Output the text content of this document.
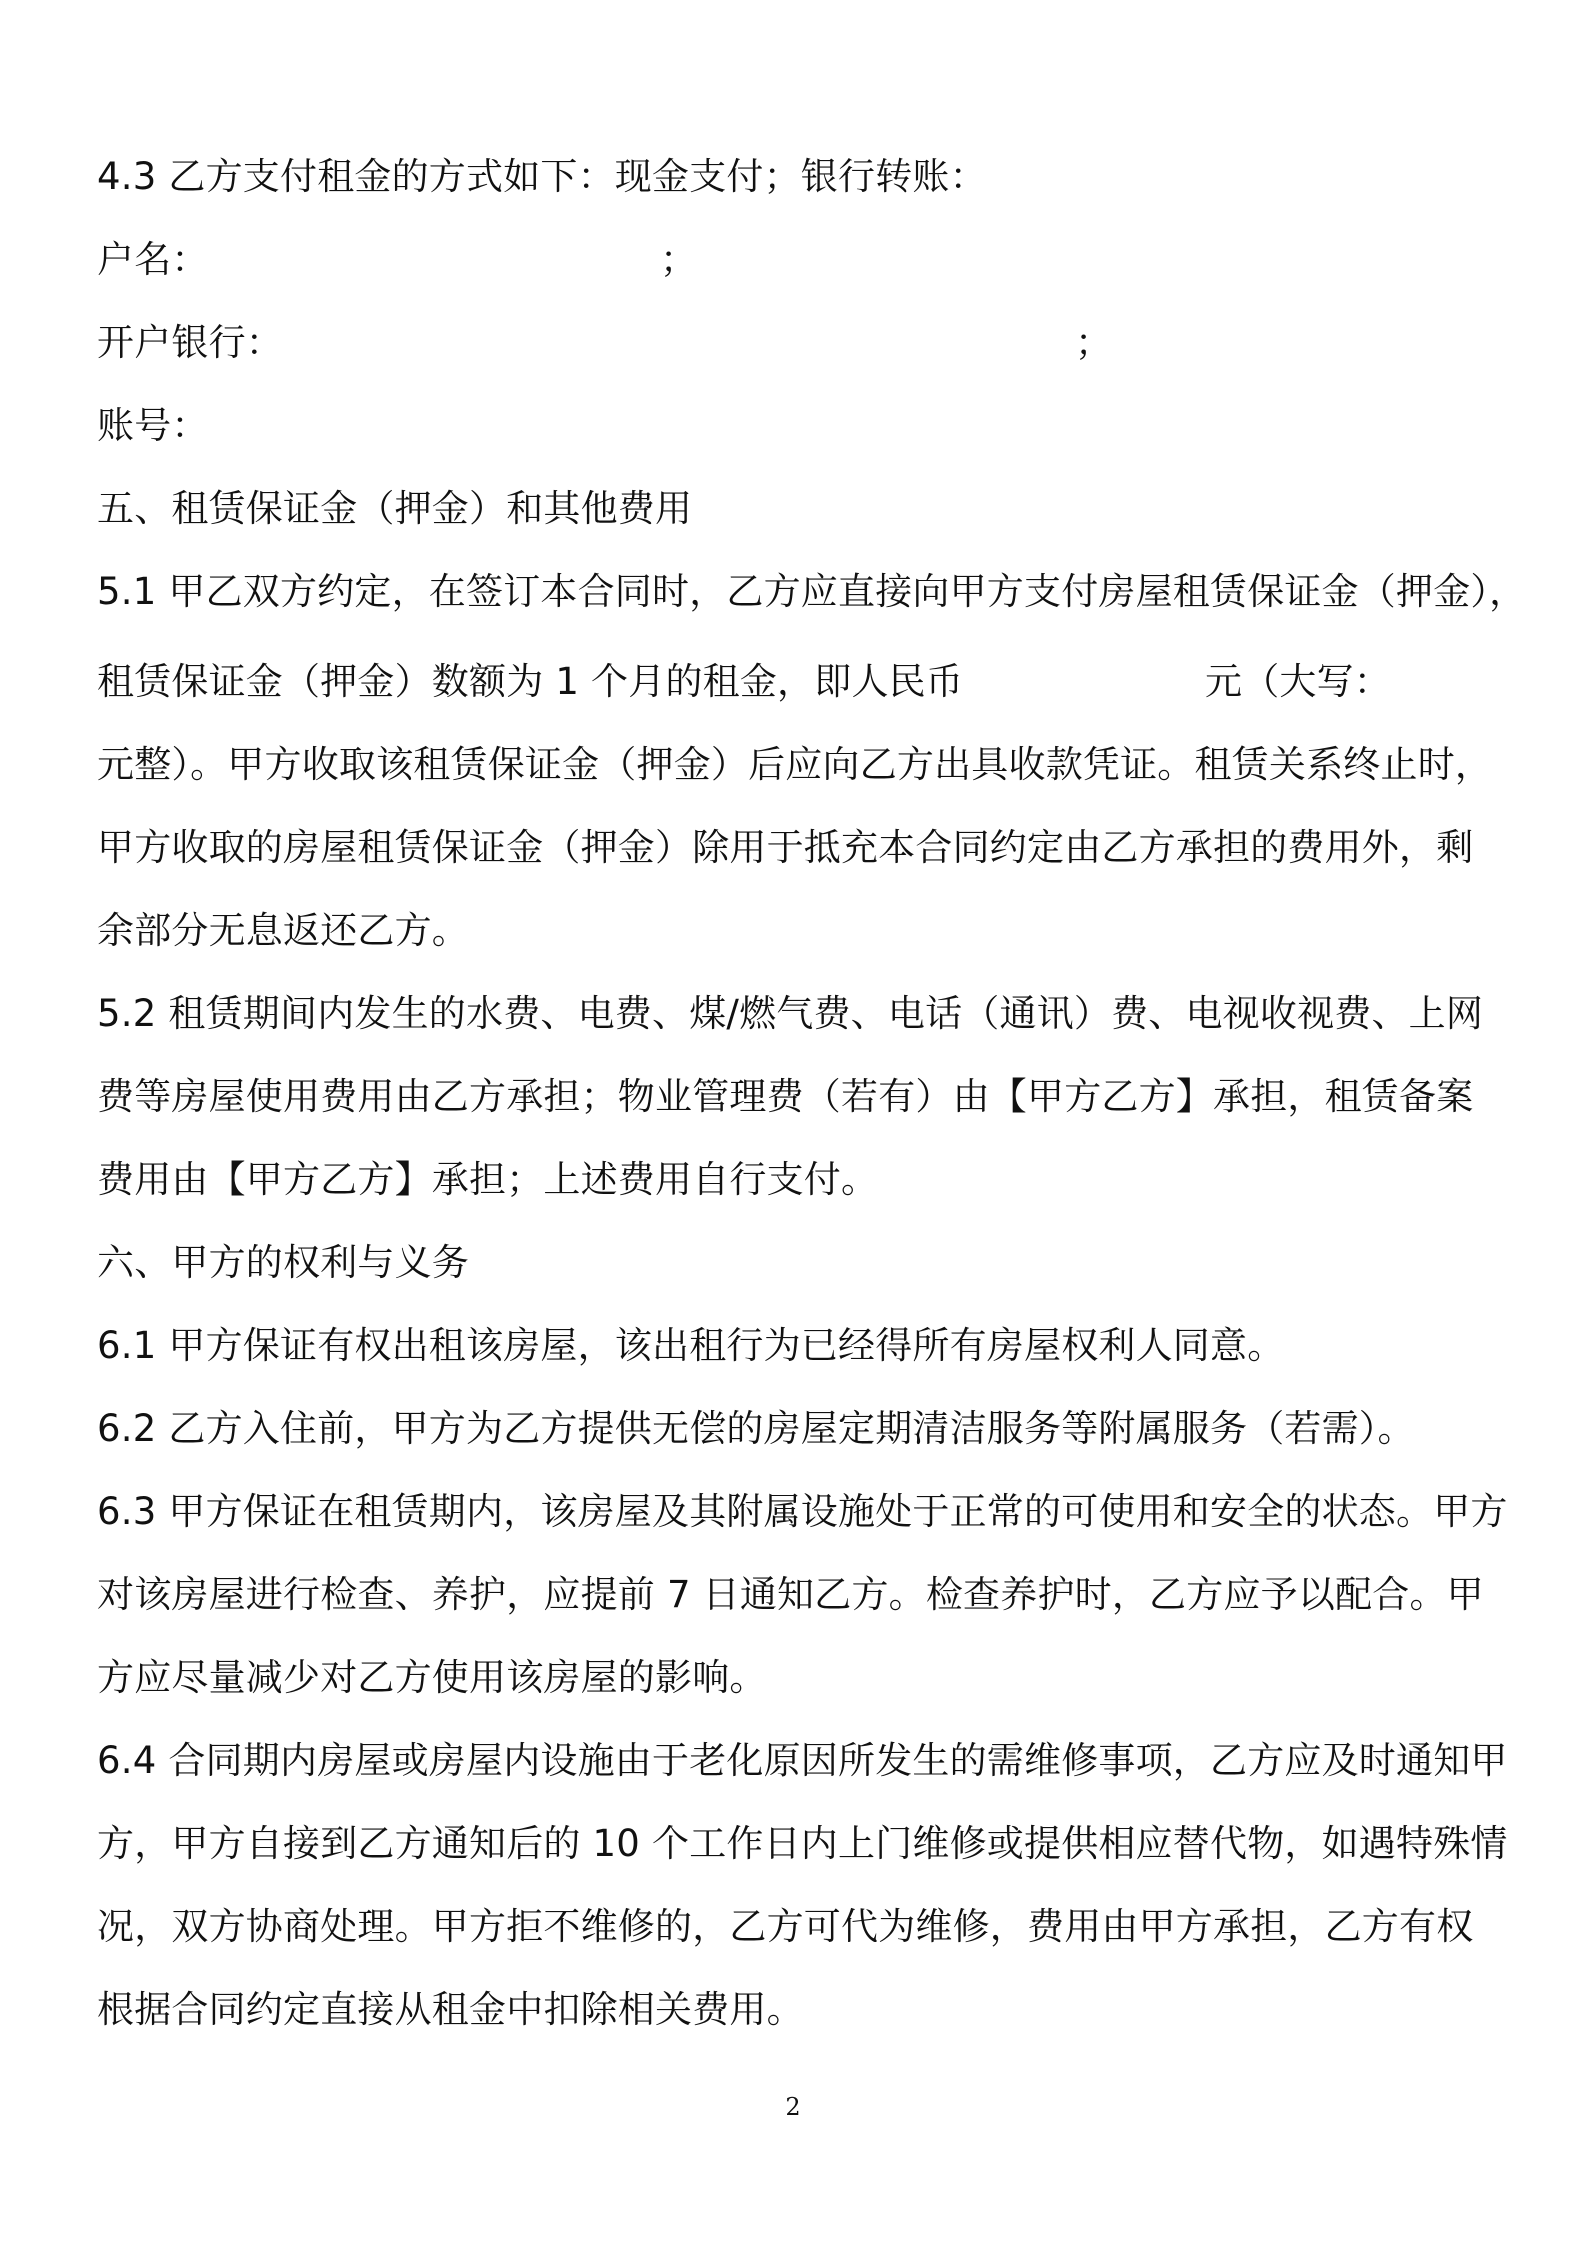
4.3 乙方支付租金的方式如下：现金支付；银行转账：

户名：	；

开户银行：	；

账号：

五、租赁保证金（押金）和其他费用

5.1 甲乙双方约定，在签订本合同时，乙方应直接向甲方支付房屋租赁保证金（押金），

租赁保证金（押金）数额为 1 个月的租金，即人民币	元（大写：

元整）。甲方收取该租赁保证金（押金）后应向乙方出具收款凭证。租赁关系终止时，

甲方收取的房屋租赁保证金（押金）除用于抵充本合同约定由乙方承担的费用外，剩

余部分无息返还乙方。

5.2 租赁期间内发生的水费、电费、煤/燃气费、电话（通讯）费、电视收视费、上网

费等房屋使用费用由乙方承担；物业管理费（若有）由【甲方乙方】承担，租赁备案

费用由【甲方乙方】承担；上述费用自行支付。

六、甲方的权利与义务

6.1 甲方保证有权出租该房屋，该出租行为已经得所有房屋权利人同意。

6.2 乙方入住前，甲方为乙方提供无偿的房屋定期清洁服务等附属服务（若需）。

6.3 甲方保证在租赁期内，该房屋及其附属设施处于正常的可使用和安全的状态。甲方

对该房屋进行检查、养护，应提前 7 日通知乙方。检查养护时，乙方应予以配合。甲

方应尽量减少对乙方使用该房屋的影响。

6.4 合同期内房屋或房屋内设施由于老化原因所发生的需维修事项，乙方应及时通知甲

方，甲方自接到乙方通知后的 10 个工作日内上门维修或提供相应替代物，如遇特殊情

况，双方协商处理。甲方拒不维修的，乙方可代为维修，费用由甲方承担，乙方有权

根据合同约定直接从租金中扣除相关费用。

2
